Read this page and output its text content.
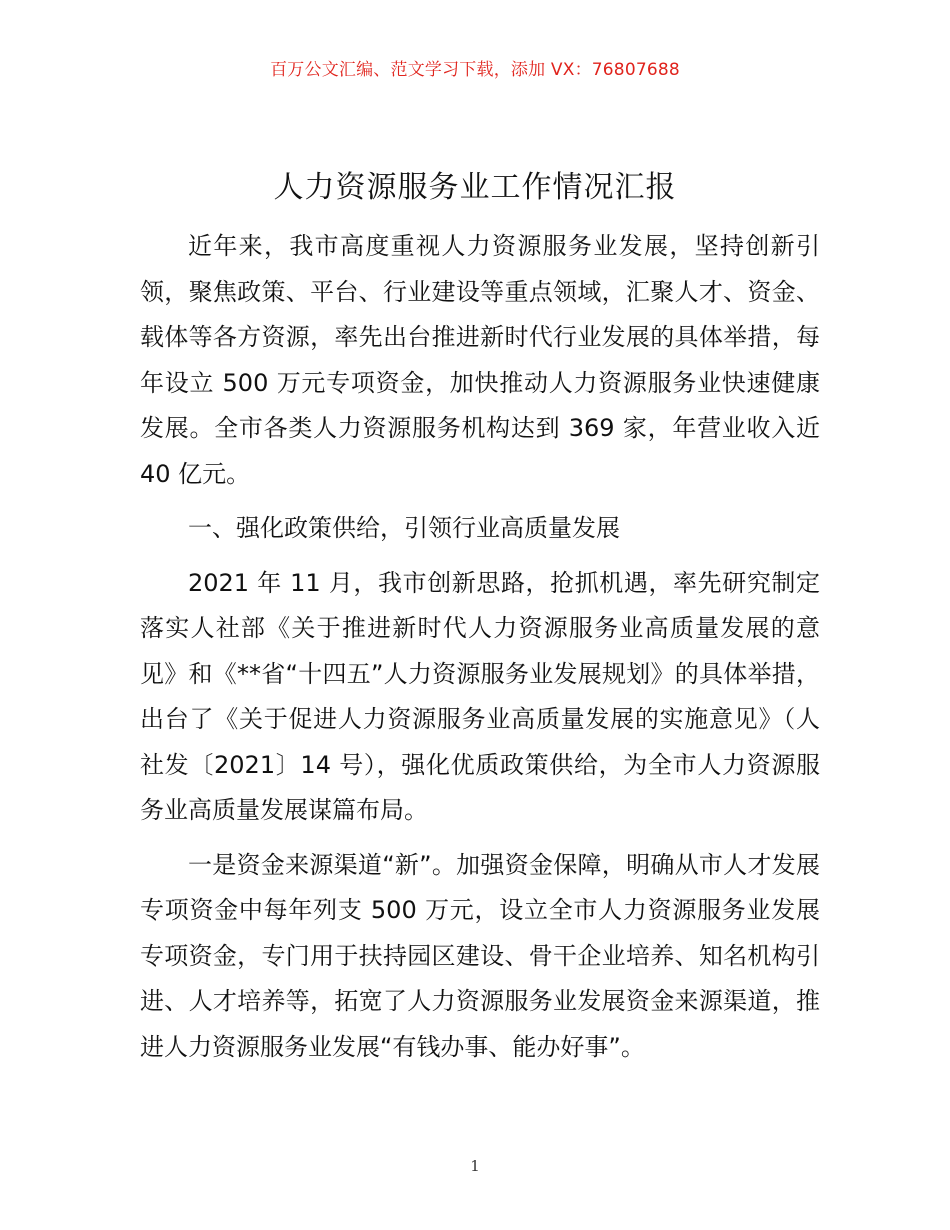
百万公文汇编、范文学习下载，添加 VX：76807688
人力资源服务业工作情况汇报

近年来，我市高度重视人力资源服务业发展，坚持创新引领，聚焦政策、平台、行业建设等重点领域，汇聚人才、资金、载体等各方资源，率先出台推进新时代行业发展的具体举措，每年设立 500 万元专项资金，加快推动人力资源服务业快速健康发展。全市各类人力资源服务机构达到 369 家，年营业收入近 40 亿元。

一、强化政策供给，引领行业高质量发展

2021 年 11 月，我市创新思路，抢抓机遇，率先研究制定落实人社部《关于推进新时代人力资源服务业高质量发展的意见》和《**省“十四五”人力资源服务业发展规划》的具体举措，出台了《关于促进人力资源服务业高质量发展的实施意见》（人社发〔2021〕14 号），强化优质政策供给，为全市人力资源服务业高质量发展谋篇布局。

一是资金来源渠道“新”。加强资金保障，明确从市人才发展专项资金中每年列支 500 万元，设立全市人力资源服务业发展专项资金，专门用于扶持园区建设、骨干企业培养、知名机构引进、人才培养等，拓宽了人力资源服务业发展资金来源渠道，推进人力资源服务业发展“有钱办事、能办好事”。

1
